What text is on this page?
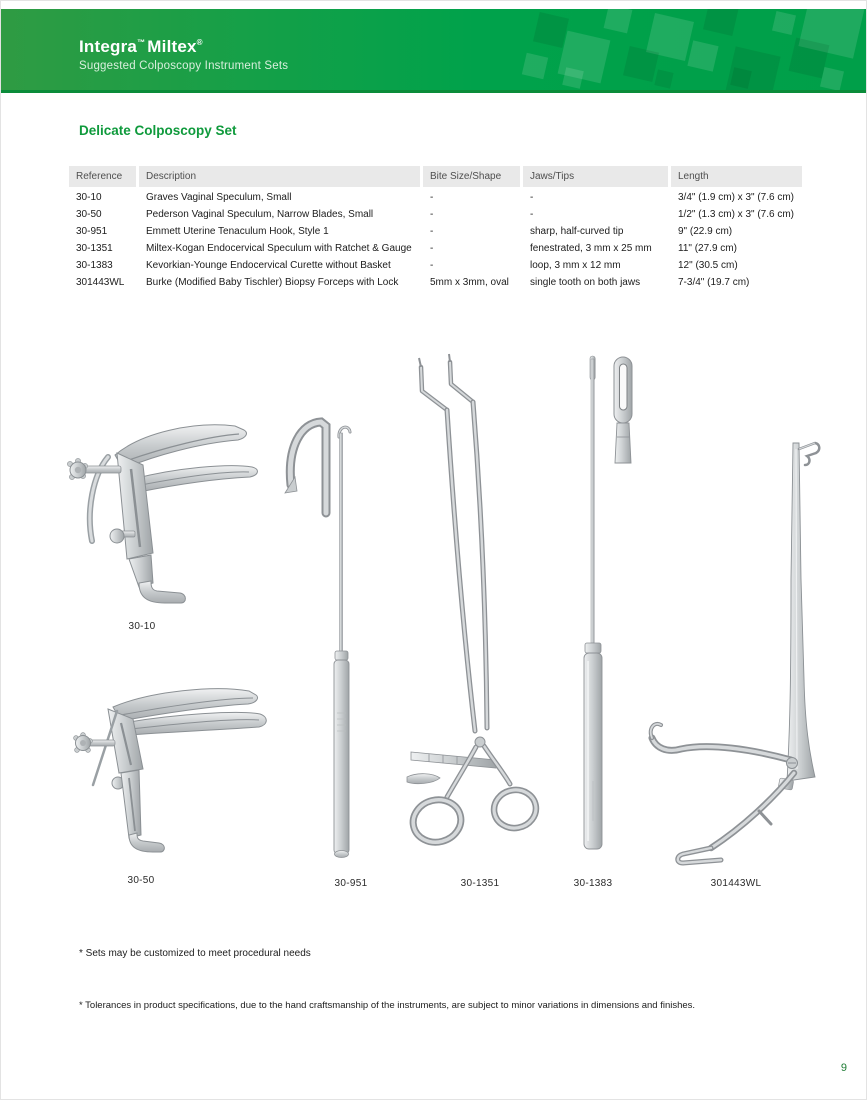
Integra™ Miltex®
Suggested Colposcopy Instrument Sets
Delicate Colposcopy Set
Reference	Description	Bite Size/Shape	Jaws/Tips	Length
30-10	Graves Vaginal Speculum, Small	-	-	3/4" (1.9 cm) x 3" (7.6 cm)
30-50	Pederson Vaginal Speculum, Narrow Blades, Small	-	-	1/2" (1.3 cm) x 3" (7.6 cm)
30-951	Emmett Uterine Tenaculum Hook, Style 1	-	sharp, half-curved tip	9" (22.9 cm)
30-1351	Miltex-Kogan Endocervical Speculum with Ratchet & Gauge	-	fenestrated, 3 mm x 25 mm	11" (27.9 cm)
30-1383	Kevorkian-Younge Endocervical Curette without Basket	-	loop, 3 mm x 12 mm	12" (30.5 cm)
301443WL	Burke (Modified Baby Tischler) Biopsy Forceps with Lock	5mm x 3mm, oval	single tooth on both jaws	7-3/4" (19.7 cm)
30-10
30-50	30-951	30-1351	30-1383	301443WL
* Sets may be customized to meet procedural needs
* Tolerances in product specifications, due to the hand craftsmanship of the instruments, are subject to minor variations in dimensions and finishes.
9
